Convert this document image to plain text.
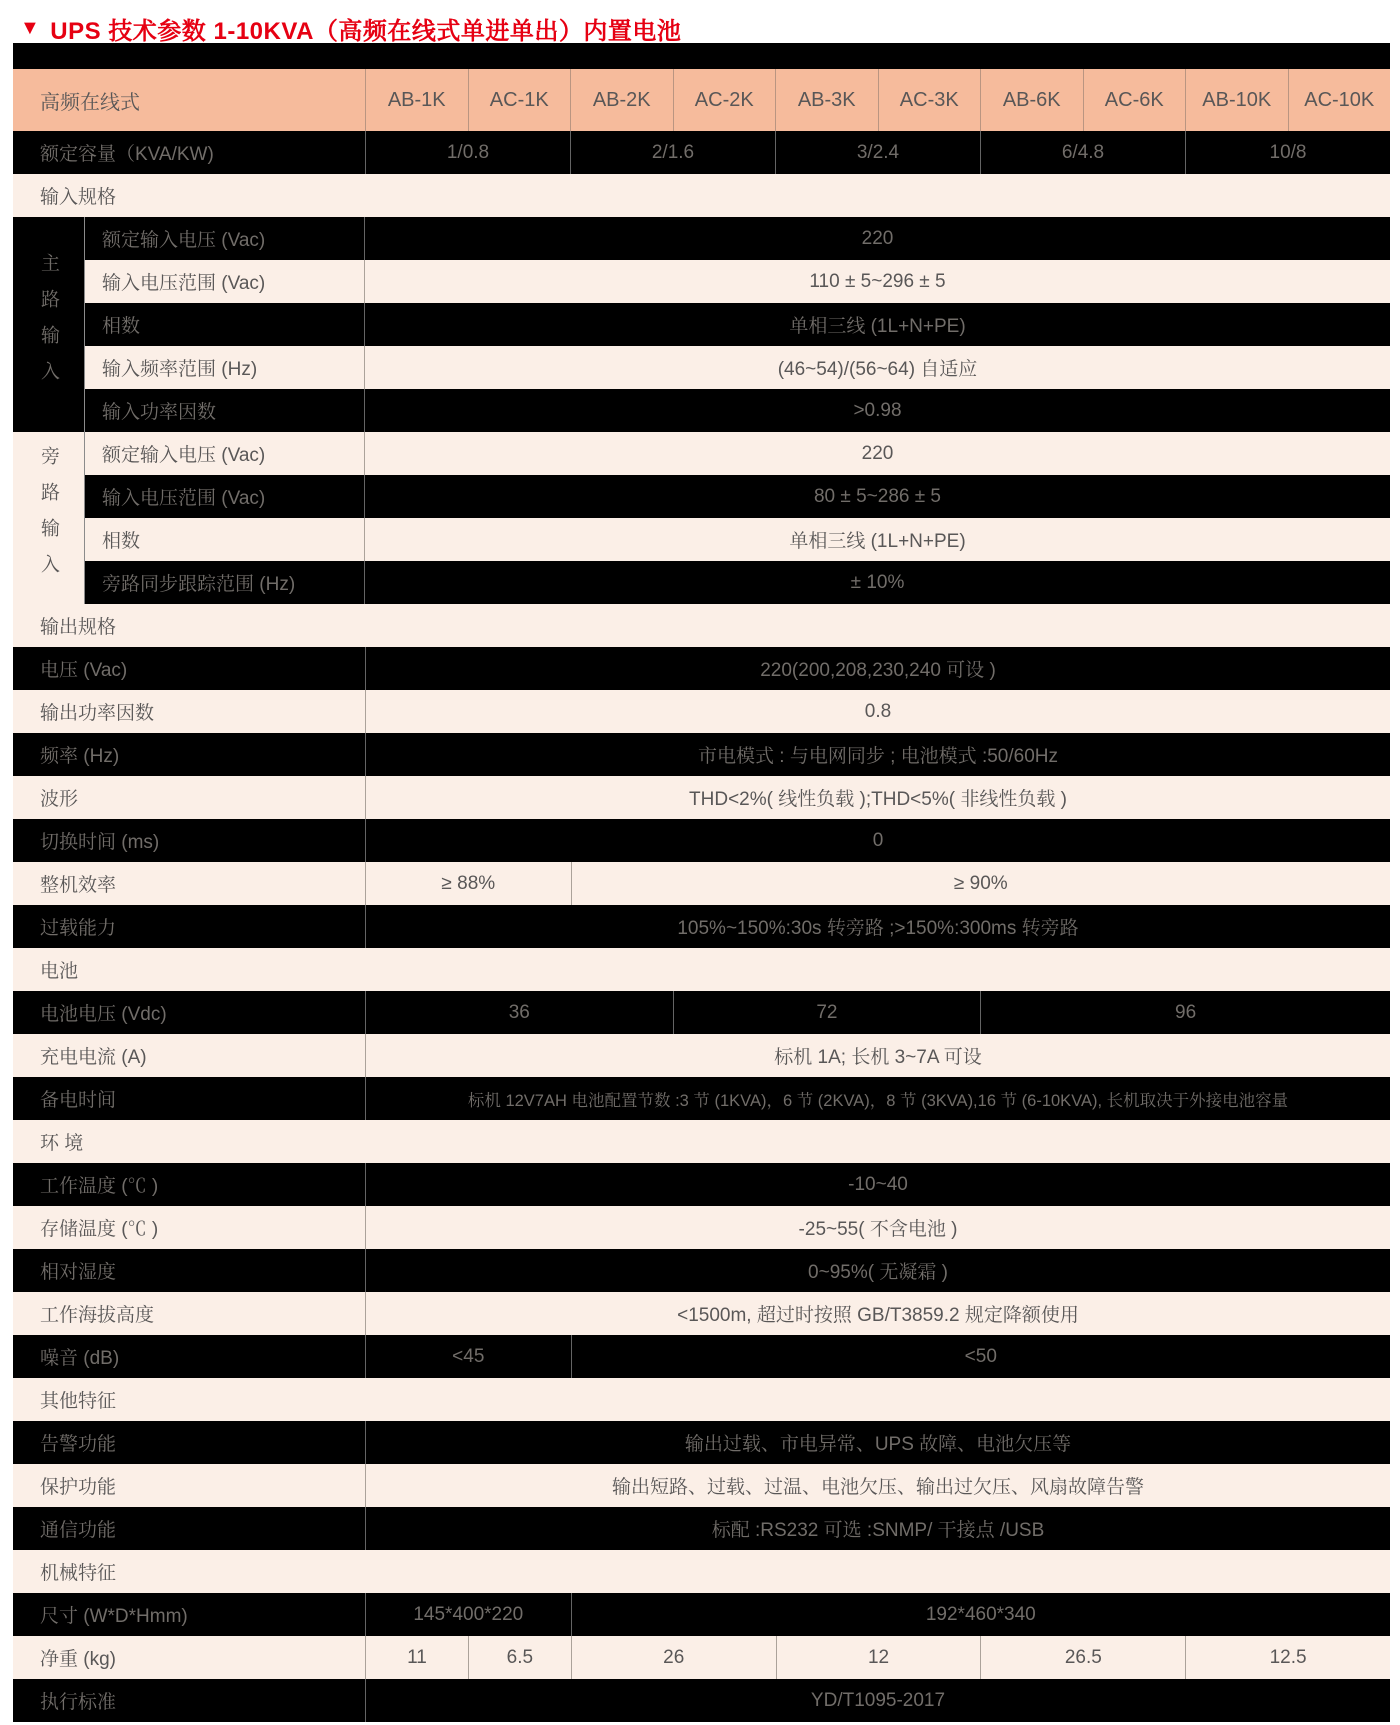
▼ UPS 技术参数 1-10KVA（高频在线式单进单出）内置电池
高频在线式	AB-1K	AC-1K	AB-2K	AC-2K	AB-3K	AC-3K	AB-6K	AC-6K	AB-10K	AC-10K
额定容量（KVA/KW)	1/0.8	2/1.6	3/2.4	6/4.8	10/8
输入规格
主路输入
额定输入电压 (Vac)	220
输入电压范围 (Vac)	110 ± 5~296 ± 5
相数	单相三线 (1L+N+PE)
输入频率范围 (Hz)	(46~54)/(56~64) 自适应
输入功率因数	>0.98
旁路输入	额定输入电压 (Vac)	220
输入电压范围 (Vac)	80 ± 5~286 ± 5
相数	单相三线 (1L+N+PE)
旁路同步跟踪范围 (Hz)	± 10%
输出规格
电压 (Vac)	220(200,208,230,240 可设 )
输出功率因数	0.8
频率 (Hz)	市电模式 : 与电网同步 ; 电池模式 :50/60Hz
波形	THD<2%( 线性负载 );THD<5%( 非线性负载 )
切换时间 (ms)	0
整机效率	≥ 88%	≥ 90%
过载能力	105%~150%:30s 转旁路 ;>150%:300ms 转旁路
电池
电池电压 (Vdc)	36	72	96
充电电流 (A)	标机 1A; 长机 3~7A 可设
备电时间	标机 12V7AH 电池配置节数 :3 节 (1KVA)，6 节 (2KVA)，8 节 (3KVA),16 节 (6-10KVA), 长机取决于外接电池容量
环 境
工作温度 (℃ )	-10~40
存储温度 (℃ )	-25~55( 不含电池 )
相对湿度	0~95%( 无凝霜 )
工作海拔高度	<1500m, 超过时按照 GB/T3859.2 规定降额使用
噪音 (dB)	<45	<50
其他特征
告警功能	输出过载、市电异常、UPS 故障、电池欠压等
保护功能	输出短路、过载、过温、电池欠压、输出过欠压、风扇故障告警
通信功能	标配 :RS232 可选 :SNMP/ 干接点 /USB
机械特征
尺寸 (W*D*Hmm)	145*400*220	192*460*340
净重 (kg)	11	6.5	26	12	26.5	12.5
执行标准	YD/T1095-2017
